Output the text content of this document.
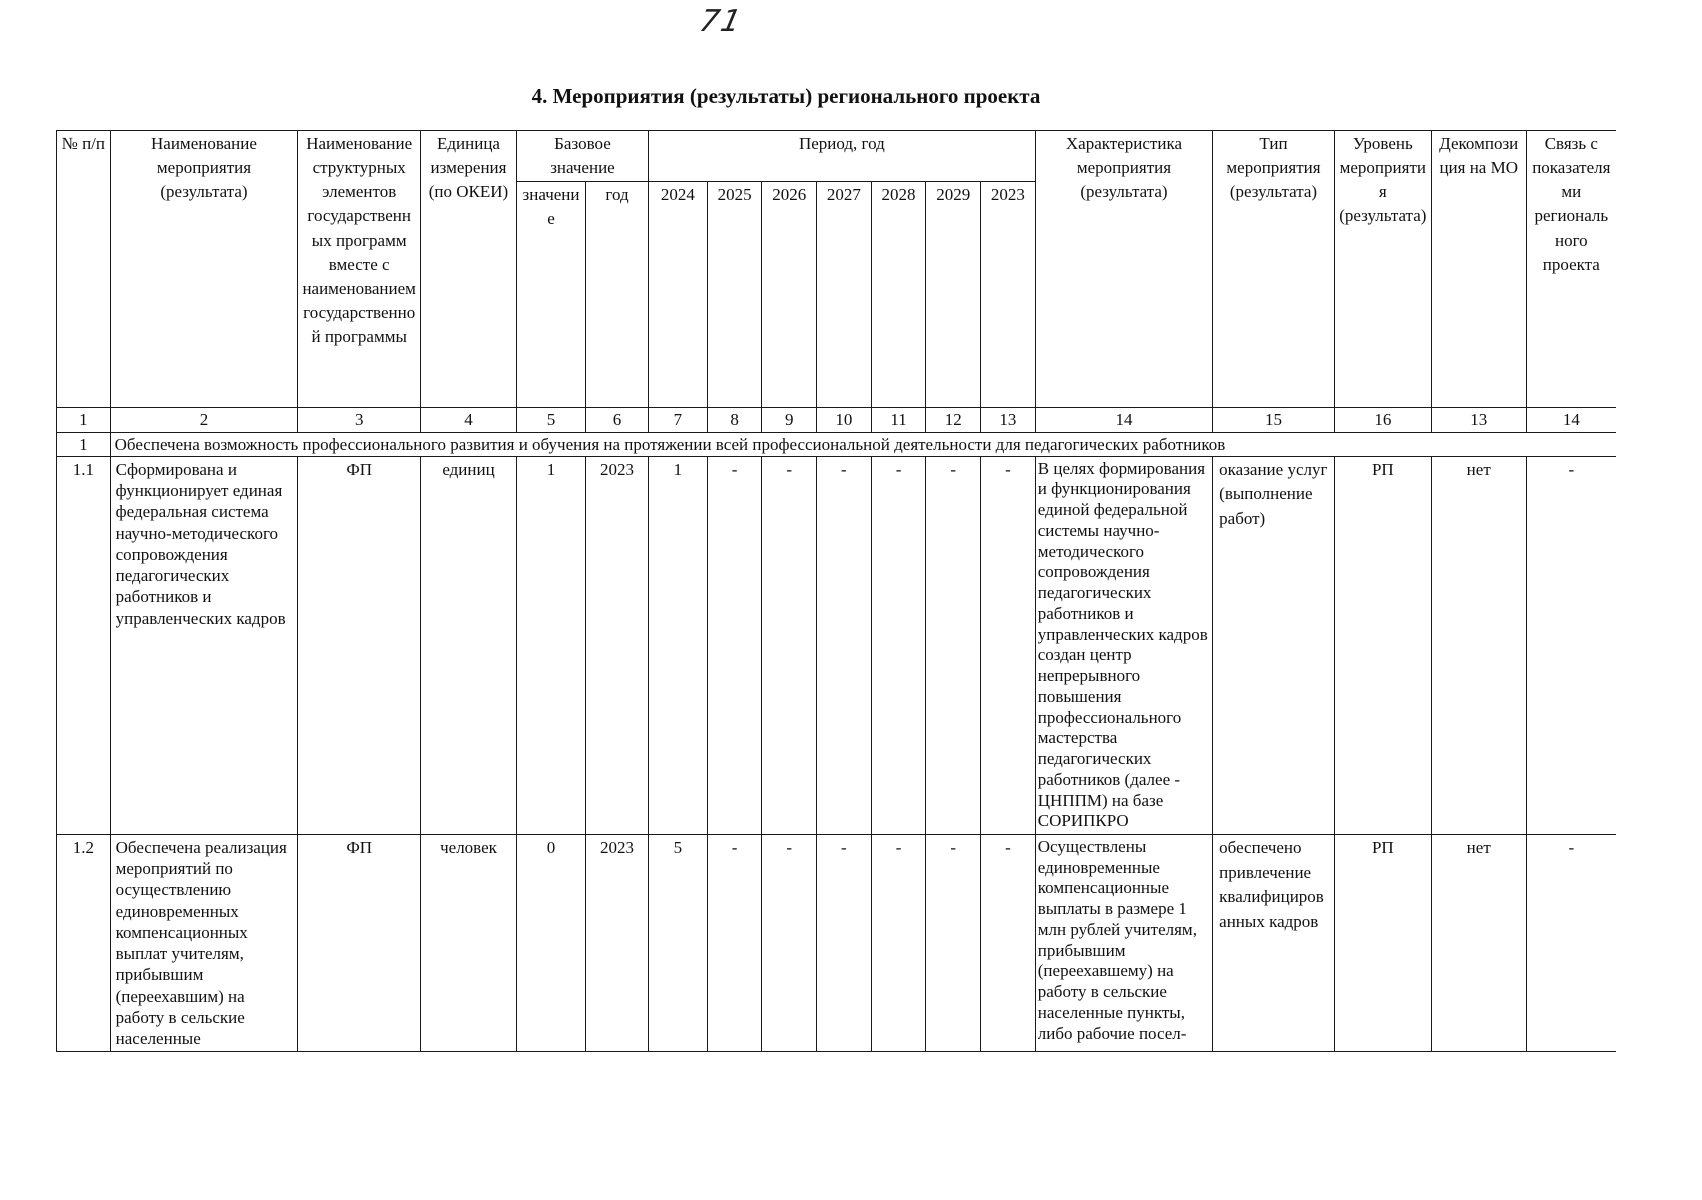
71
4. Мероприятия (результаты) регионального проекта
№ п/п	Наименование мероприятия (результата)	Наименование структурных элементов государственных программ вместе с наименованием государственной программы	Единица измерения (по ОКЕИ)	Базовое значение		Период, год							Характеристика мероприятия (результата)	Тип мероприятия (результата)	Уровень мероприятия (результата)	Декомпозиция на МО	Связь с показателями регионального проекта
				значение	год	2024	2025	2026	2027	2028	2029	2023					
1	2	3	4	5	6	7	8	9	10	11	12	13	14	15	16	13	14
1	Обеспечена возможность профессионального развития и обучения на протяжении всей профессиональной деятельности для педагогических работников																
1.1	Сформирована и функционирует единая федеральная система научно-методического сопровождения педагогических работников и управленческих кадров	ФП	единиц	1	2023	1	-	-	-	-	-	-	В целях формирования и функционирования единой федеральной системы научно-методического сопровождения педагогических работников и управленческих кадров создан центр непрерывного повышения профессионального мастерства педагогических работников (далее - ЦНППМ) на базе СОРИПКРО	оказание услуг (выполнение работ)	РП	нет	-
1.2	Обеспечена реализация мероприятий по осуществлению единовременных компенсационных выплат учителям, прибывшим (переехавшим) на работу в сельские населенные	ФП	человек	0	2023	5	-	-	-	-	-	-	Осуществлены единовременные компенсационные выплаты в размере 1 млн рублей учителям, прибывшим (переехавшему) на работу в сельские населенные пункты, либо рабочие посел-	обеспечено привлечение квалифицированных кадров	РП	нет	-
